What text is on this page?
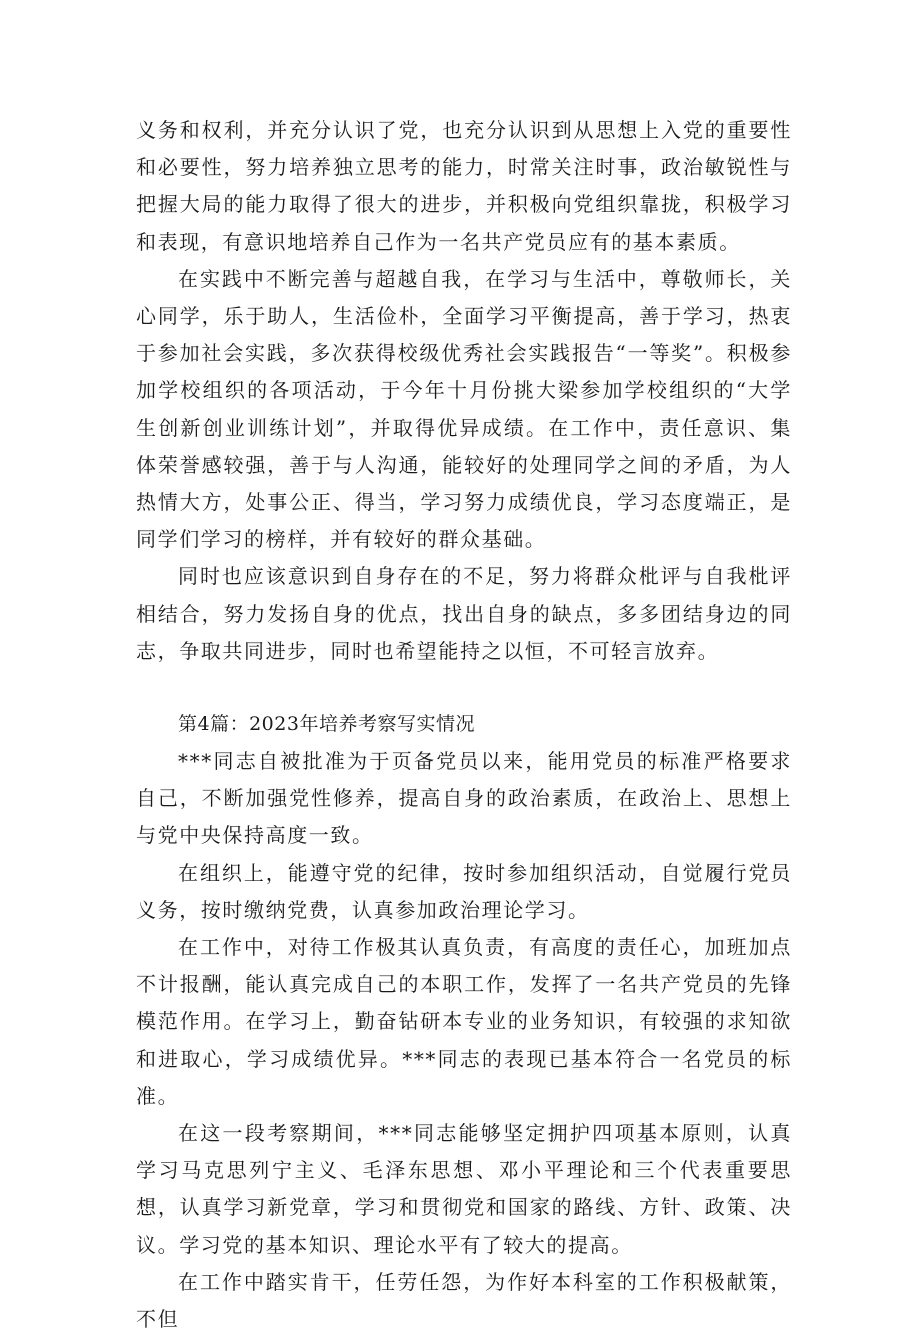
义务和权利，并充分认识了党，也充分认识到从思想上入党的重要性和必要性，努力培养独立思考的能力，时常关注时事，政治敏锐性与把握大局的能力取得了很大的进步，并积极向党组织靠拢，积极学习和表现，有意识地培养自己作为一名共产党员应有的基本素质。

在实践中不断完善与超越自我，在学习与生活中，尊敬师长，关心同学，乐于助人，生活俭朴，全面学习平衡提高，善于学习，热衷于参加社会实践，多次获得校级优秀社会实践报告“一等奖”。积极参加学校组织的各项活动，于今年十月份挑大梁参加学校组织的“大学生创新创业训练计划”，并取得优异成绩。在工作中，责任意识、集体荣誉感较强，善于与人沟通，能较好的处理同学之间的矛盾，为人热情大方，处事公正、得当，学习努力成绩优良，学习态度端正，是同学们学习的榜样，并有较好的群众基础。

同时也应该意识到自身存在的不足，努力将群众枇评与自我枇评相结合，努力发扬自身的优点，找出自身的缺点，多多团结身边的同志，争取共同进步，同时也希望能持之以恒，不可轻言放弃。

第4篇：2023年培养考察写实情况

***同志自被批准为于页备党员以来，能用党员的标准严格要求自己，不断加强党性修养，提高自身的政治素质，在政治上、思想上与党中央保持高度一致。

在组织上，能遵守党的纪律，按时参加组织活动，自觉履行党员义务，按时缴纳党费，认真参加政治理论学习。

在工作中，对待工作极其认真负责，有高度的责任心，加班加点不计报酬，能认真完成自己的本职工作，发挥了一名共产党员的先锋模范作用。在学习上，勤奋钻研本专业的业务知识，有较强的求知欲和进取心，学习成绩优异。***同志的表现已基本符合一名党员的标准。

在这一段考察期间，***同志能够坚定拥护四项基本原则，认真学习马克思列宁主义、毛泽东思想、邓小平理论和三个代表重要思想，认真学习新党章，学习和贯彻党和国家的路线、方针、政策、决议。学习党的基本知识、理论水平有了较大的提高。

在工作中踏实肯干，任劳任怨，为作好本科室的工作积极献策，不但
